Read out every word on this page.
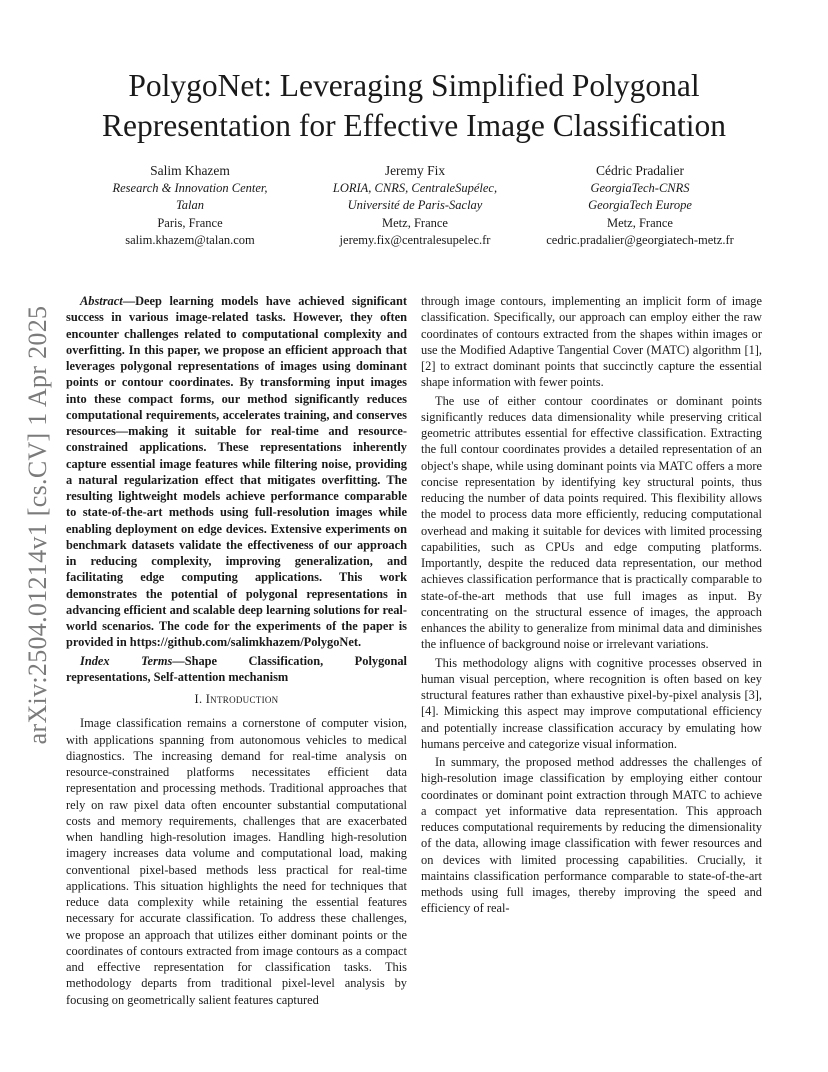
arXiv:2504.01214v1 [cs.CV] 1 Apr 2025
PolygoNet: Leveraging Simplified Polygonal
Representation for Effective Image Classification
Salim Khazem
Research & Innovation Center,
Talan
Paris, France
salim.khazem@talan.com
Jeremy Fix
LORIA, CNRS, CentraleSupélec,
Université de Paris-Saclay
Metz, France
jeremy.fix@centralesupelec.fr
Cédric Pradalier
GeorgiaTech-CNRS
GeorgiaTech Europe
Metz, France
cedric.pradalier@georgiatech-metz.fr

Abstract—Deep learning models have achieved significant success in various image-related tasks. However, they often encounter challenges related to computational complexity and overfitting. In this paper, we propose an efficient approach that leverages polygonal representations of images using dominant points or contour coordinates. By transforming input images into these compact forms, our method significantly reduces computational requirements, accelerates training, and conserves resources—making it suitable for real-time and resource-constrained applications. These representations inherently capture essential image features while filtering noise, providing a natural regularization effect that mitigates overfitting. The resulting lightweight models achieve performance comparable to state-of-the-art methods using full-resolution images while enabling deployment on edge devices. Extensive experiments on benchmark datasets validate the effectiveness of our approach in reducing complexity, improving generalization, and facilitating edge computing applications. This work demonstrates the potential of polygonal representations in advancing efficient and scalable deep learning solutions for real-world scenarios. The code for the experiments of the paper is provided in https://github.com/salimkhazem/PolygoNet.

Index Terms—Shape Classification, Polygonal representations, Self-attention mechanism

I. Introduction

Image classification remains a cornerstone of computer vision, with applications spanning from autonomous vehicles to medical diagnostics. The increasing demand for real-time analysis on resource-constrained platforms necessitates efficient data representation and processing methods. Traditional approaches that rely on raw pixel data often encounter substantial computational costs and memory requirements, challenges that are exacerbated when handling high-resolution images. Handling high-resolution imagery increases data volume and computational load, making conventional pixel-based methods less practical for real-time applications. This situation highlights the need for techniques that reduce data complexity while retaining the essential features necessary for accurate classification. To address these challenges, we propose an approach that utilizes either dominant points or the coordinates of contours extracted from image contours as a compact and effective representation for classification tasks. This methodology departs from traditional pixel-level analysis by focusing on geometrically salient features captured

through image contours, implementing an implicit form of image classification. Specifically, our approach can employ either the raw coordinates of contours extracted from the shapes within images or use the Modified Adaptive Tangential Cover (MATC) algorithm [1], [2] to extract dominant points that succinctly capture the essential shape information with fewer points.

The use of either contour coordinates or dominant points significantly reduces data dimensionality while preserving critical geometric attributes essential for effective classification. Extracting the full contour coordinates provides a detailed representation of an object's shape, while using dominant points via MATC offers a more concise representation by identifying key structural points, thus reducing the number of data points required. This flexibility allows the model to process data more efficiently, reducing computational overhead and making it suitable for devices with limited processing capabilities, such as CPUs and edge computing platforms. Importantly, despite the reduced data representation, our method achieves classification performance that is practically comparable to state-of-the-art methods that use full images as input. By concentrating on the structural essence of images, the approach enhances the ability to generalize from minimal data and diminishes the influence of background noise or irrelevant variations.

This methodology aligns with cognitive processes observed in human visual perception, where recognition is often based on key structural features rather than exhaustive pixel-by-pixel analysis [3], [4]. Mimicking this aspect may improve computational efficiency and potentially increase classification accuracy by emulating how humans perceive and categorize visual information.

In summary, the proposed method addresses the challenges of high-resolution image classification by employing either contour coordinates or dominant point extraction through MATC to achieve a compact yet informative data representation. This approach reduces computational requirements by reducing the dimensionality of the data, allowing image classification with fewer resources and on devices with limited processing capabilities. Crucially, it maintains classification performance comparable to state-of-the-art methods using full images, thereby improving the speed and efficiency of real-
